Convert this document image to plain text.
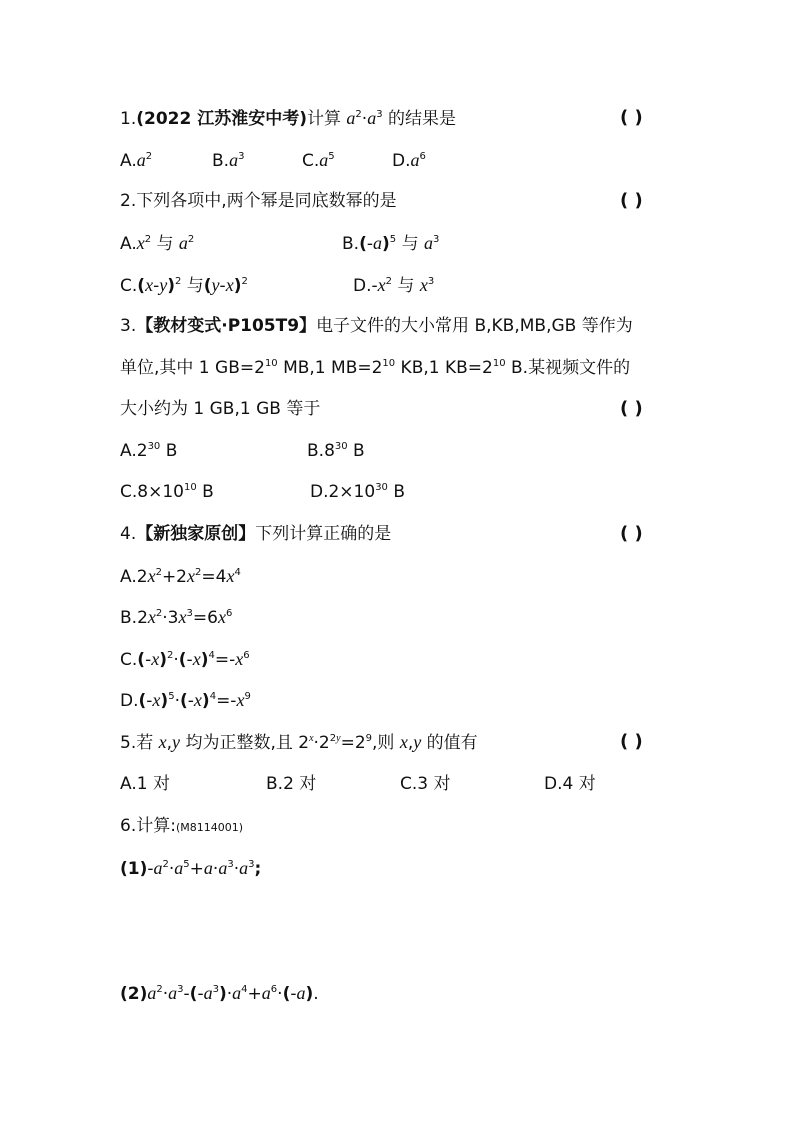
1.(2022 江苏淮安中考)计算 $a^2\cdot a^3$ 的结果是	( )
$A.a^2$	$B.a^3$	$C.a^5$	$D.a^6$
2.下列各项中,两个幂是同底数幂的是	( )
$A.x^2$ 与 $a^2$	$B.(-a)^5$ 与 $a^3$
$C.(x-y)^2$ 与$(y-x)^2$	$D.-x^2$ 与 $x^3$
3.【教材变式·P105T9】电子文件的大小常用 B,KB,MB,GB 等作为
单位,其中 1 $GB=2^{10}$ MB,1 $MB=2^{10}$ KB,1 $KB=2^{10}$ B.某视频文件的
大小约为 1 GB,1 GB 等于	( )
$A.2^{30}$ B	$B.8^{30}$ B
$C.8\times 10^{10}$ B	$D.2\times 10^{30}$ B
4.【新独家原创】下列计算正确的是	( )
$A.2x^2+2x^2=4x^4$
$B.2x^2\cdot 3x^3=6x^6$
$C.(-x)^2\cdot(-x)^4=-x^6$
$D.(-x)^5\cdot(-x)^4=-x^9$
5.若 x,y 均为正整数,且 $2^x\cdot 2^{2y}=2^9$,则 x,y 的值有	( )
A.1 对	B.2 对	C.3 对	D.4 对
6.计算:(M8114001)
$(1)-a^2\cdot a^5+a\cdot a^3\cdot a^3$;
$(2)a^2\cdot a^3-(-a^3)\cdot a^4+a^6\cdot(-a)$.
